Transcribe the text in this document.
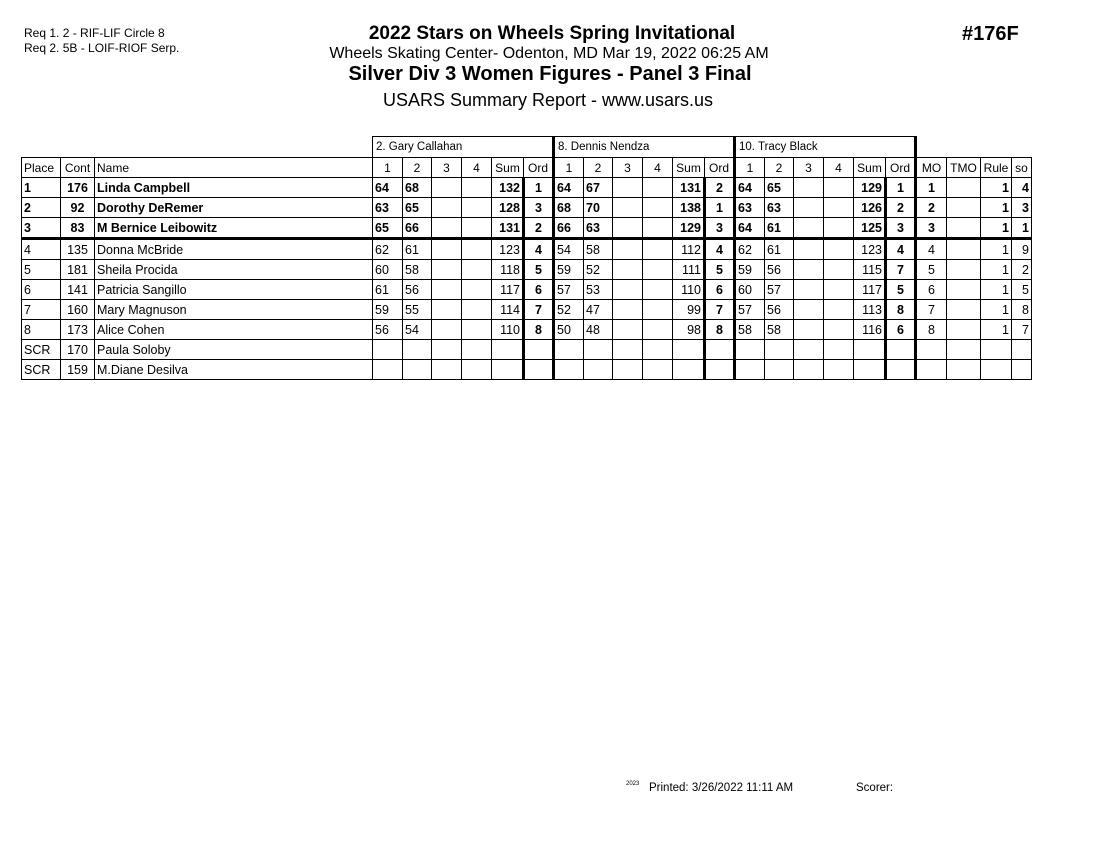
Req 1. 2 - RIF-LIF Circle 8
Req 2. 5B - LOIF-RIOF Serp.
2022 Stars on Wheels Spring Invitational
Wheels Skating Center- Odenton, MD Mar 19, 2022 06:25 AM
Silver Div 3 Women Figures - Panel 3 Final
USARS Summary Report - www.usars.us
#176F
			2. Gary Callahan						8. Dennis Nendza						10. Tracy Black									
Place	Cont	Name	1	2	3	4	Sum	Ord	1	2	3	4	Sum	Ord	1	2	3	4	Sum	Ord	MO	TMO	Rule	so
1	176	Linda Campbell	64	68			132	1	64	67			131	2	64	65			129	1	1		1	4
2	92	Dorothy DeRemer	63	65			128	3	68	70			138	1	63	63			126	2	2		1	3
3	83	M Bernice Leibowitz	65	66			131	2	66	63			129	3	64	61			125	3	3		1	1
4	135	Donna McBride	62	61			123	4	54	58			112	4	62	61			123	4	4		1	9
5	181	Sheila Procida	60	58			118	5	59	52			111	5	59	56			115	7	5		1	2
6	141	Patricia Sangillo	61	56			117	6	57	53			110	6	60	57			117	5	6		1	5
7	160	Mary Magnuson	59	55			114	7	52	47			99	7	57	56			113	8	7		1	8
8	173	Alice Cohen	56	54			110	8	50	48			98	8	58	58			116	6	8		1	7
SCR	170	Paula Soloby																						
SCR	159	M.Diane Desilva																						
2023 Printed: 3/26/2022 11:11 AM	Scorer:
